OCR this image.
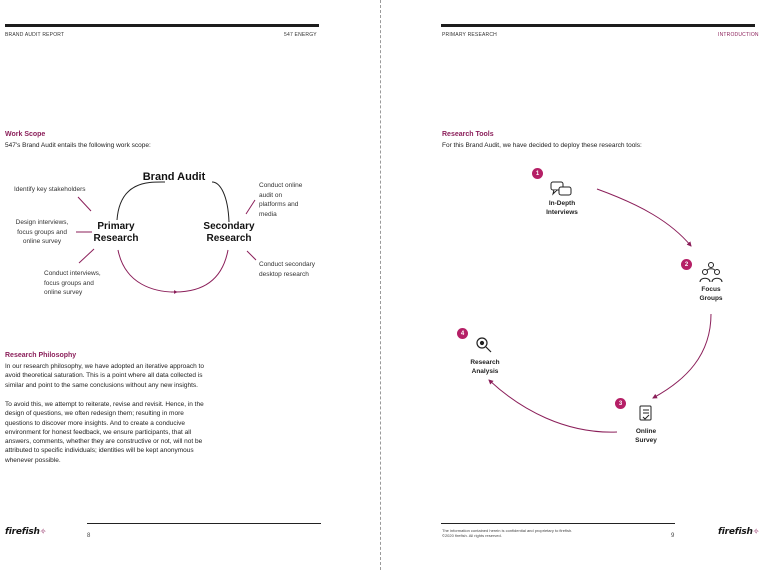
BRAND AUDIT REPORT	547 ENERGY
Work Scope
547's Brand Audit entails the following work scope:
Brand Audit
Primary Research
Secondary Research
Identify key stakeholders
Design interviews, focus groups and online survey
Conduct interviews, focus groups and online survey
Conduct online audit on platforms and media
Conduct secondary desktop research
Research Philosophy
In our research philosophy, we have adopted an iterative approach to avoid theoretical saturation. This is a point where all data collected is similar and point to the same conclusions without any new insights.
To avoid this, we attempt to reiterate, revise and revisit. Hence, in the design of questions, we often redesign them; resulting in more questions to discover more insights. And to create a conducive environment for honest feedback, we ensure participants, that all answers, comments, whether they are constructive or not, will not be attributed to specific individuals; identities will be kept anonymous whenever possible.
firefish✧	8
PRIMARY RESEARCH	INTRODUCTION
Research Tools
For this Brand Audit, we have decided to deploy these research tools:
1
In-Depth Interviews
2
Focus Groups
3
Online Survey
4
Research Analysis
The information contained herein is confidential and proprietary to firefish.
©2020 firefish. All rights reserved.	9	firefish✧
